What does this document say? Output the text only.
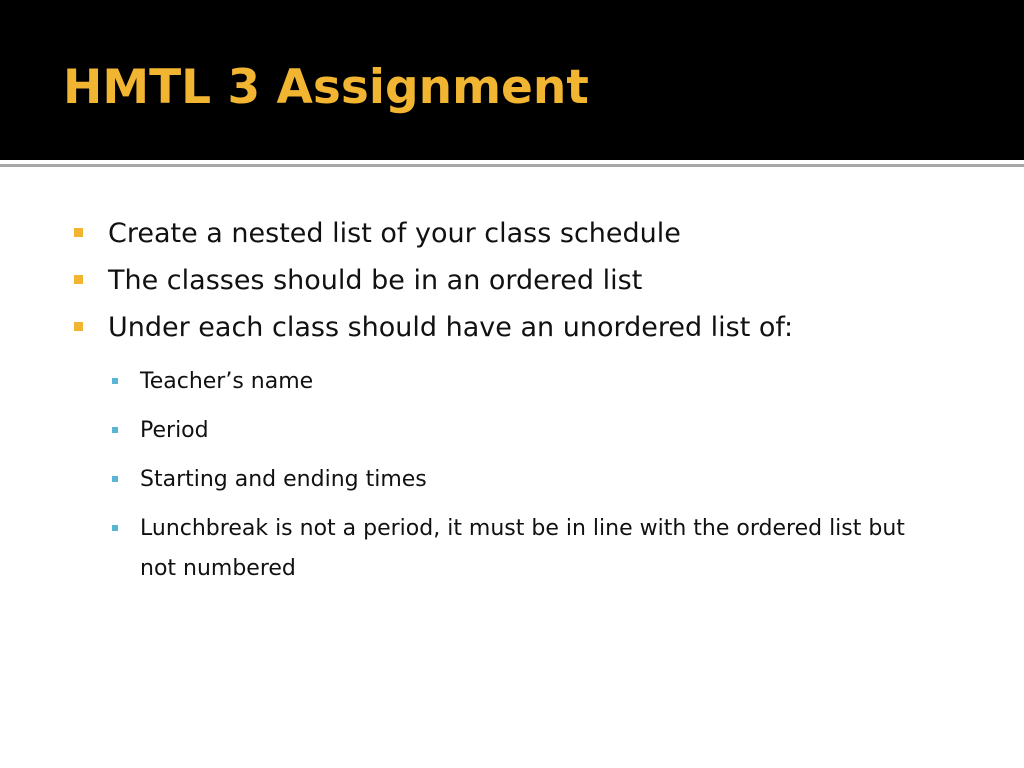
HMTL 3 Assignment
Create a nested list of your class schedule
The classes should be in an ordered list
Under each class should have an unordered list of:
Teacher’s name
Period
Starting and ending times
Lunchbreak is not a period, it must be in line with the ordered list but not numbered
